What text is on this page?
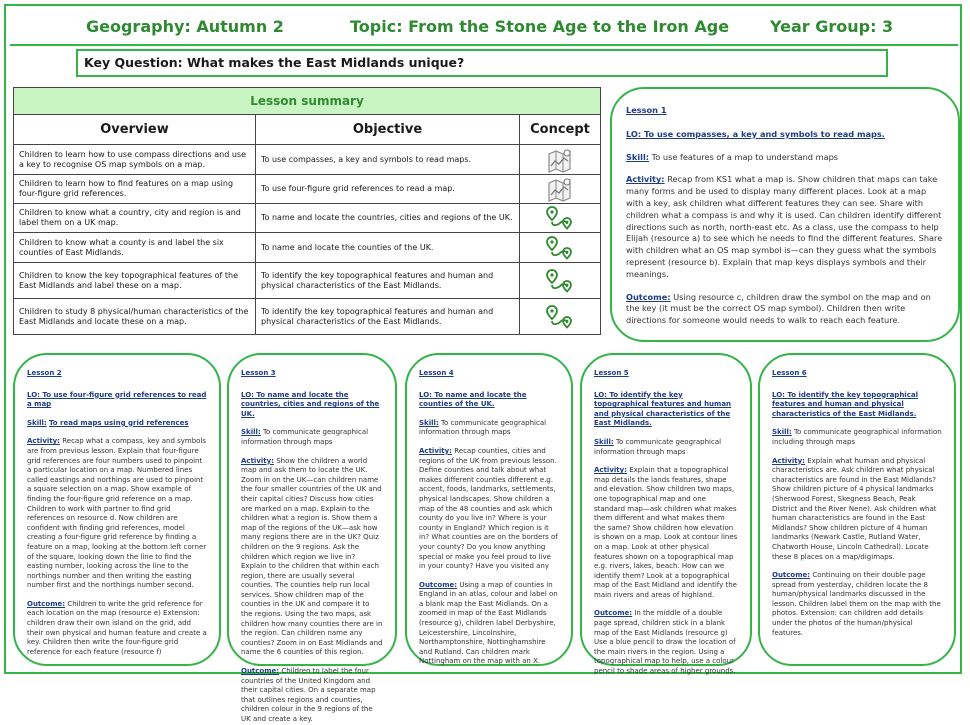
Geography: Autumn 2	Topic: From the Stone Age to the Iron Age	Year Group: 3
Key Question: What makes the East Midlands unique?
Lesson summary		
Overview	Objective	Concept
Children to learn how to use compass directions and use a key to recognise OS map symbols on a map.	To use compasses, a key and symbols to read maps.	

Children to learn how to find features on a map using four-figure grid references.	To use four-figure grid references to read a map.	

Children to know what a country, city and region is and label them on a UK map.	To name and locate the countries, cities and regions of the UK.	

Children to know what a county is and label the six counties of East Midlands.	To name and locate the counties of the UK.	

Children to know the key topographical features of the East Midlands and label these on a map.	To identify the key topographical features and human and physical characteristics of the East Midlands.	

Children to study 8 physical/human characteristics of the East Midlands and locate these on a map.	To identify the key topographical features and human and physical characteristics of the East Midlands.	
Lesson 1

LO: To use compasses, a key and symbols to read maps.

Skill: To use features of a map to understand maps

Activity: Recap from KS1 what a map is. Show children that maps can take many forms and be used to display many different places. Look at a map with a key, ask children what different features they can see. Share with children what a compass is and why it is used. Can children identify different directions such as north, north-east etc. As a class, use the compass to help Elijah (resource a) to see which he needs to find the different features. Share with children what an OS map symbol is—can they guess what the symbols represent (resource b). Explain that map keys displays symbols and their meanings.

Outcome: Using resource c, children draw the symbol on the map and on the key (it must be the correct OS map symbol). Children then write directions for someone would needs to walk to reach each feature.

Lesson 2

LO: To use four-figure grid references to read a map

Skill: To read maps using grid references

Activity: Recap what a compass, key and symbols are from previous lesson. Explain that four-figure grid references are four numbers used to pinpoint a particular location on a map. Numbered lines called eastings and northings are used to pinpoint a square selection on a map. Show example of finding the four-figure grid reference on a map. Children to work with partner to find grid references on resource d. Now children are confident with finding grid references, model creating a four-figure grid reference by finding a feature on a map, looking at the bottom left corner of the square, looking down the line to find the easting number, looking across the line to the northings number and then writing the easting number first and the northings number second.

Outcome: Children to write the grid reference for each location on the map (resource e) Extension: children draw their own island on the grid, add their own physical and human feature and create a key. Children then write the four-figure grid reference for each feature (resource f)

Lesson 3

LO: To name and locate the countries, cities and regions of the UK.

Skill: To communicate geographical information through maps

Activity: Show the children a world map and ask them to locate the UK. Zoom in on the UK—can children name the four smaller countries of the UK and their capital cities? Discuss how cities are marked on a map. Explain to the children what a region is. Show them a map of the regions of the UK—ask how many regions there are in the UK? Quiz children on the 9 regions. Ask the children which region we live in? Explain to the children that within each region, there are usually several counties. The counties help run local services. Show children map of the counties in the UK and compare it to the regions. Using the two maps, ask children how many counties there are in the region. Can children name any counties? Zoom in on East Midlands and name the 6 counties of this region.

Outcome: Children to label the four countries of the United Kingdom and their capital cities. On a separate map that outlines regions and counties, children colour in the 9 regions of the UK and create a key.

Lesson 4

LO: To name and locate the counties of the UK.

Skill: To communicate geographical information through maps

Activity: Recap counties, cities and regions of the UK from previous lesson. Define counties and talk about what makes different counties different e.g. accent, foods, landmarks, settlements, physical landscapes. Show children a map of the 48 counties and ask which county do you live in? Where is your county in England? Which region is it in? What counties are on the borders of your county? Do you know anything special or make you feel proud to live in your county? Have you visited any

Outcome: Using a map of counties in England in an atlas, colour and label on a blank map the East Midlands. On a zoomed in map of the East Midlands (resource g), children label Derbyshire, Leicestershire, Lincolnshire, Northamptonshire, Nottinghamshire and Rutland. Can children mark Nottingham on the map with an X.

Lesson 5

LO: To identify the key topographical features and human and physical characteristics of the East Midlands.

Skill: To communicate geographical information through maps

Activity: Explain that a topographical map details the lands features, shape and elevation. Show children two maps, one topographical map and one standard map—ask children what makes them different and what makes them the same? Show children how elevation is shown on a map. Look at contour lines on a map. Look at other physical features shown on a topographical map e.g. rivers, lakes, beach. How can we identify them? Look at a topographical map of the East Midland and identify the main rivers and areas of highland.

Outcome: In the middle of a double page spread, children stick in a blank map of the East Midlands (resource g) Use a blue pencil to draw the location of the main rivers in the region. Using a topographical map to help, use a colour pencil to shade areas of higher grounds.

Lesson 6

LO: To identify the key topographical features and human and physical characteristics of the East Midlands.

Skill: To communicate geographical information including through maps

Activity: Explain what human and physical characteristics are. Ask children what physical characteristics are found in the East Midlands? Show children picture of 4 physical landmarks (Sherwood Forest, Skegness Beach, Peak District and the River Nene). Ask children what human characteristics are found in the East Midlands? Show children picture of 4 human landmarks (Newark Castle, Rutland Water, Chatworth House, Lincoln Cathedral). Locate these 8 places on a map/digimaps.

Outcome: Continuing on their double page spread from yesterday, children locate the 8 human/physical landmarks discussed in the lesson. Children label them on the map with the photos. Extension: can children add details under the photos of the human/physical features.
